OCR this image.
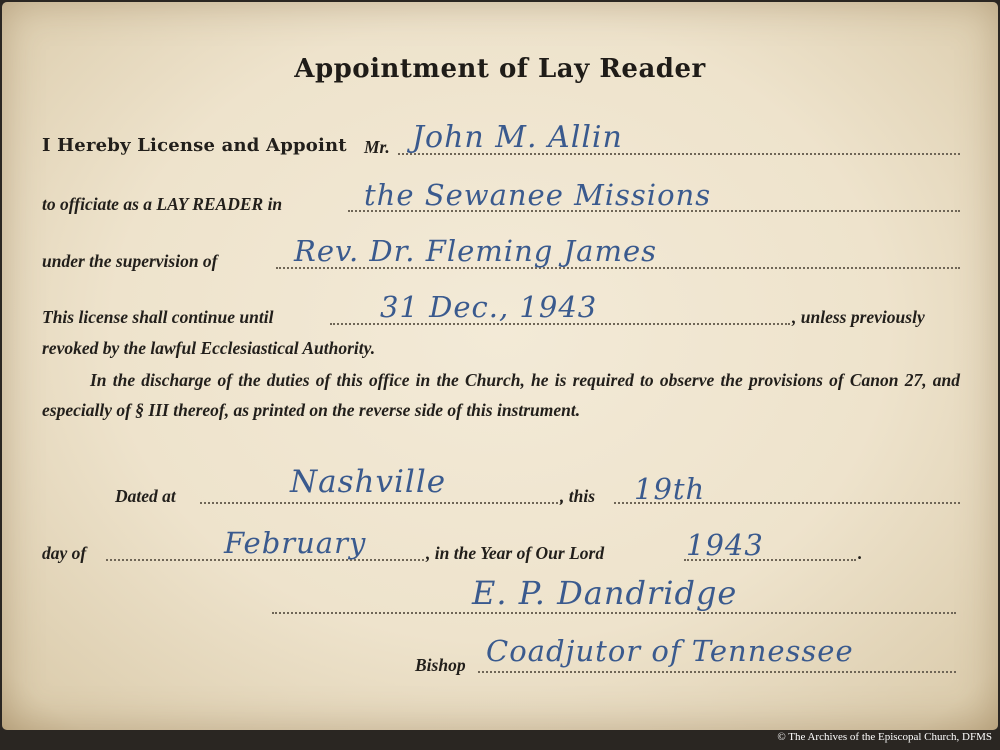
Appointment of Lay Reader
I Hereby License and Appoint Mr. John M. Allin
to officiate as a LAY READER in	the Sewanee Missions
under the supervision of	Rev. Dr. Fleming James
This license shall continue until	31 Dec., 1943	, unless previously
revoked by the lawful Ecclesiastical Authority.
In the discharge of the duties of this office in the Church, he is required to observe the provisions of Canon 27, and especially of § III thereof, as printed on the reverse side of this instrument.
Dated at	Nashville	, this 19th
day of	February	, in the Year of Our Lord	1943	.
E. P. Dandridge
Bishop Coadjutor of Tennessee
© The Archives of the Episcopal Church, DFMS
